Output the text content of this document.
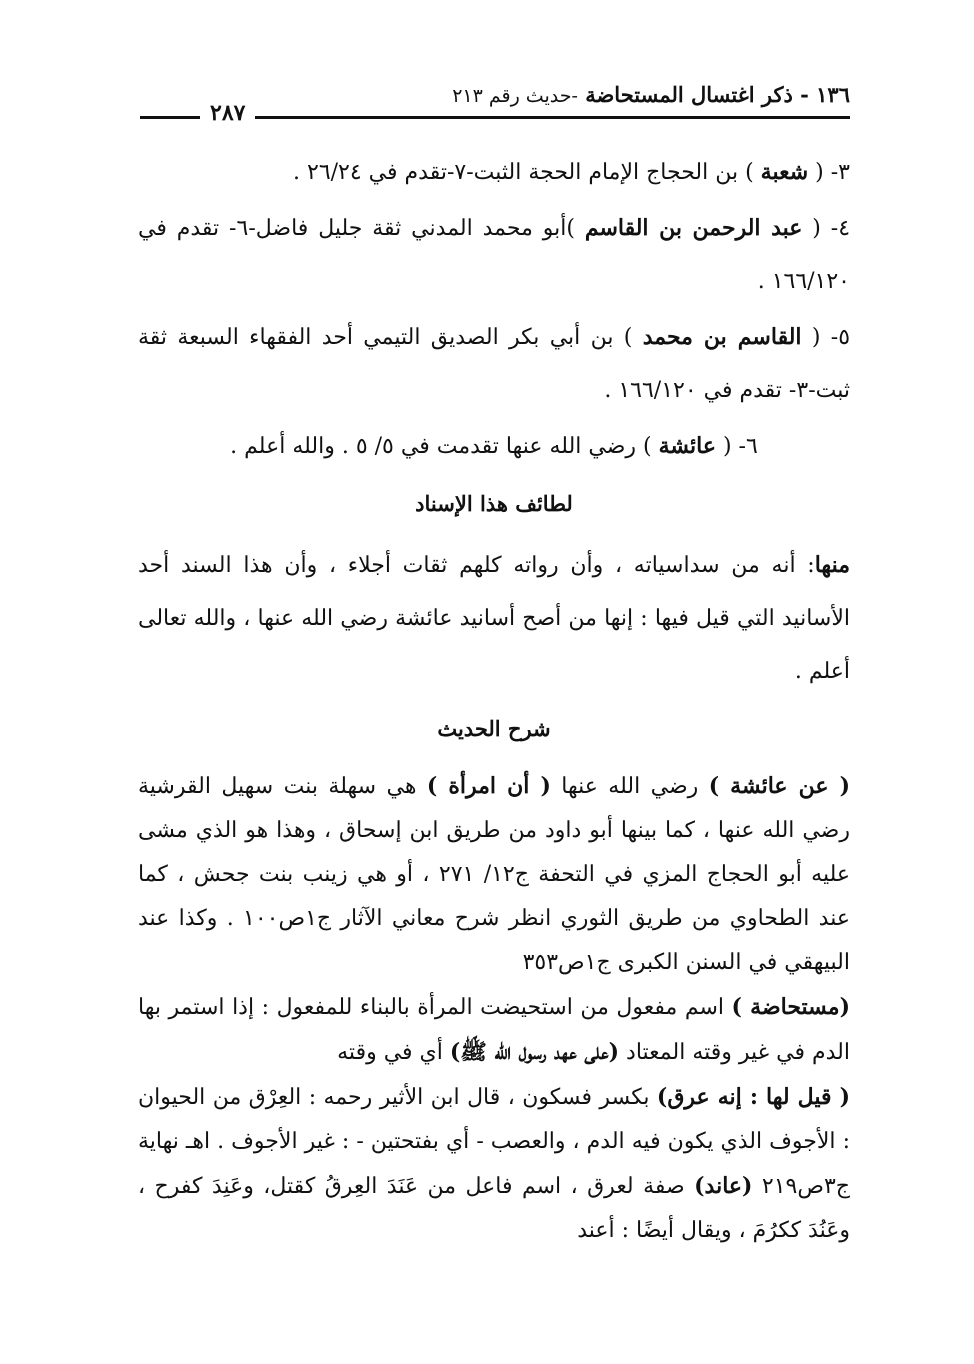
١٣٦ - ذكر اغتسال المستحاضة -حديث رقم ٢١٣
٢٨٧

٣- ( شعبة ) بن الحجاج الإمام الحجة الثبت-٧-تقدم في ٢٦/٢٤ .

٤- ( عبد الرحمن بن القاسم )أبو محمد المدني ثقة جليل فاضل-٦- تقدم في ١٦٦/١٢٠ .

٥- ( القاسم بن محمد ) بن أبي بكر الصديق التيمي أحد الفقهاء السبعة ثقة ثبت-٣- تقدم في ١٦٦/١٢٠ .

٦- ( عائشة ) رضي الله عنها تقدمت في ٥/ ٥ . والله أعلم .

لطائف هذا الإسناد

منها: أنه من سداسياته ، وأن رواته كلهم ثقات أجلاء ، وأن هذا السند أحد الأسانيد التي قيل فيها : إنها من أصح أسانيد عائشة رضي الله عنها ، والله تعالى أعلم .

شرح الحديث

( عن عائشة ) رضي الله عنها ( أن امرأة ) هي سهلة بنت سهيل القرشية رضي الله عنها ، كما بينها أبو داود من طريق ابن إسحاق ، وهذا هو الذي مشى عليه أبو الحجاج المزي في التحفة ج١٢/ ٢٧١ ، أو هي زينب بنت جحش ، كما عند الطحاوي من طريق الثوري انظر شرح معاني الآثار ج١ص١٠٠ . وكذا عند البيهقي في السنن الكبرى ج١ص٣٥٣

(مستحاضة ) اسم مفعول من استحيضت المرأة بالبناء للمفعول : إذا استمر بها الدم في غير وقته المعتاد (على عهد رسول الله ﷺ) أي في وقته

( قيل لها : إنه عرق) بكسر فسكون ، قال ابن الأثير رحمه : العِرْق من الحيوان : الأجوف الذي يكون فيه الدم ، والعصب - أي بفتحتين - : غير الأجوف . اهـ نهاية ج٣ص٢١٩ (عاند) صفة لعرق ، اسم فاعل من عَنَدَ العِرقُ كقتل، وعَنِدَ كفرح ، وعَنُدَ ككرُمَ ، ويقال أيضًا : أعند
